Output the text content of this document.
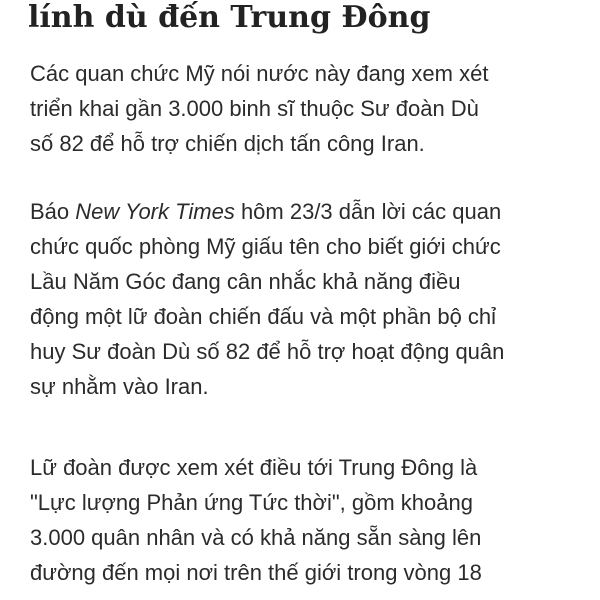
lính dù đến Trung Đông

Các quan chức Mỹ nói nước này đang xem xét
triển khai gần 3.000 binh sĩ thuộc Sư đoàn Dù
số 82 để hỗ trợ chiến dịch tấn công Iran.

Báo New York Times hôm 23/3 dẫn lời các quan
chức quốc phòng Mỹ giấu tên cho biết giới chức
Lầu Năm Góc đang cân nhắc khả năng điều
động một lữ đoàn chiến đấu và một phần bộ chỉ
huy Sư đoàn Dù số 82 để hỗ trợ hoạt động quân
sự nhằm vào Iran.

Lữ đoàn được xem xét điều tới Trung Đông là
"Lực lượng Phản ứng Tức thời", gồm khoảng
3.000 quân nhân và có khả năng sẵn sàng lên
đường đến mọi nơi trên thế giới trong vòng 18
